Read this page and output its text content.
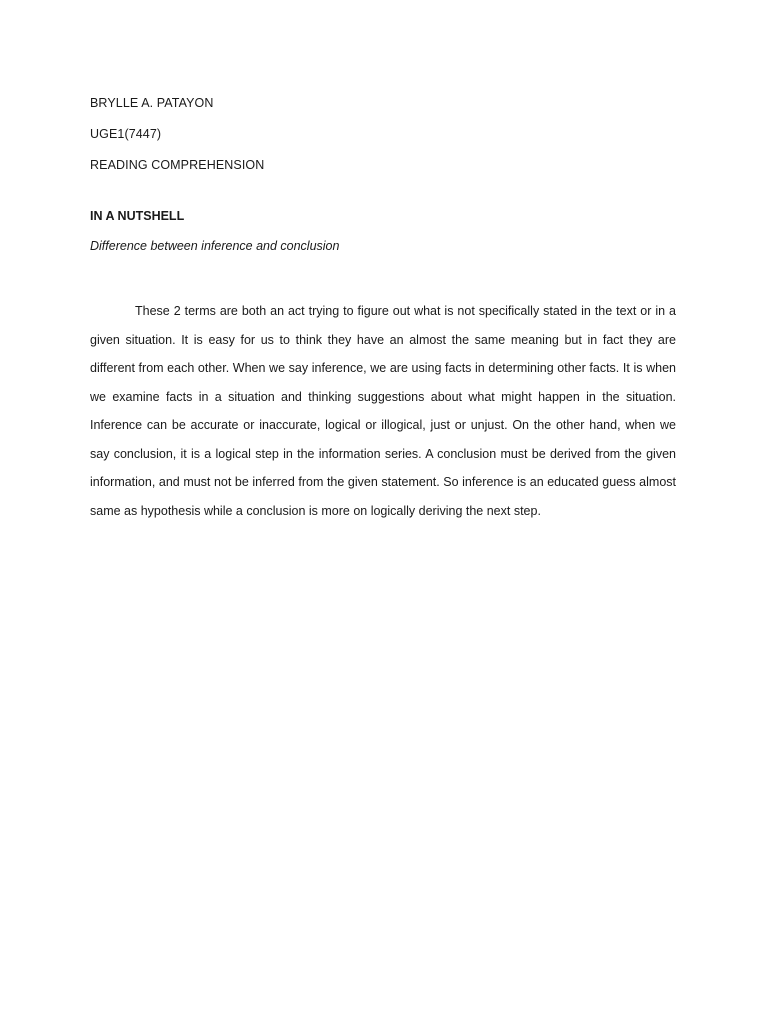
BRYLLE A. PATAYON
UGE1(7447)
READING COMPREHENSION
IN A NUTSHELL
Difference between inference and conclusion

These 2 terms are both an act trying to figure out what is not specifically stated in the text or in a given situation. It is easy for us to think they have an almost the same meaning but in fact they are different from each other. When we say inference, we are using facts in determining other facts. It is when we examine facts in a situation and thinking suggestions about what might happen in the situation. Inference can be accurate or inaccurate, logical or illogical, just or unjust. On the other hand, when we say conclusion, it is a logical step in the information series. A conclusion must be derived from the given information, and must not be inferred from the given statement. So inference is an educated guess almost same as hypothesis while a conclusion is more on logically deriving the next step.
